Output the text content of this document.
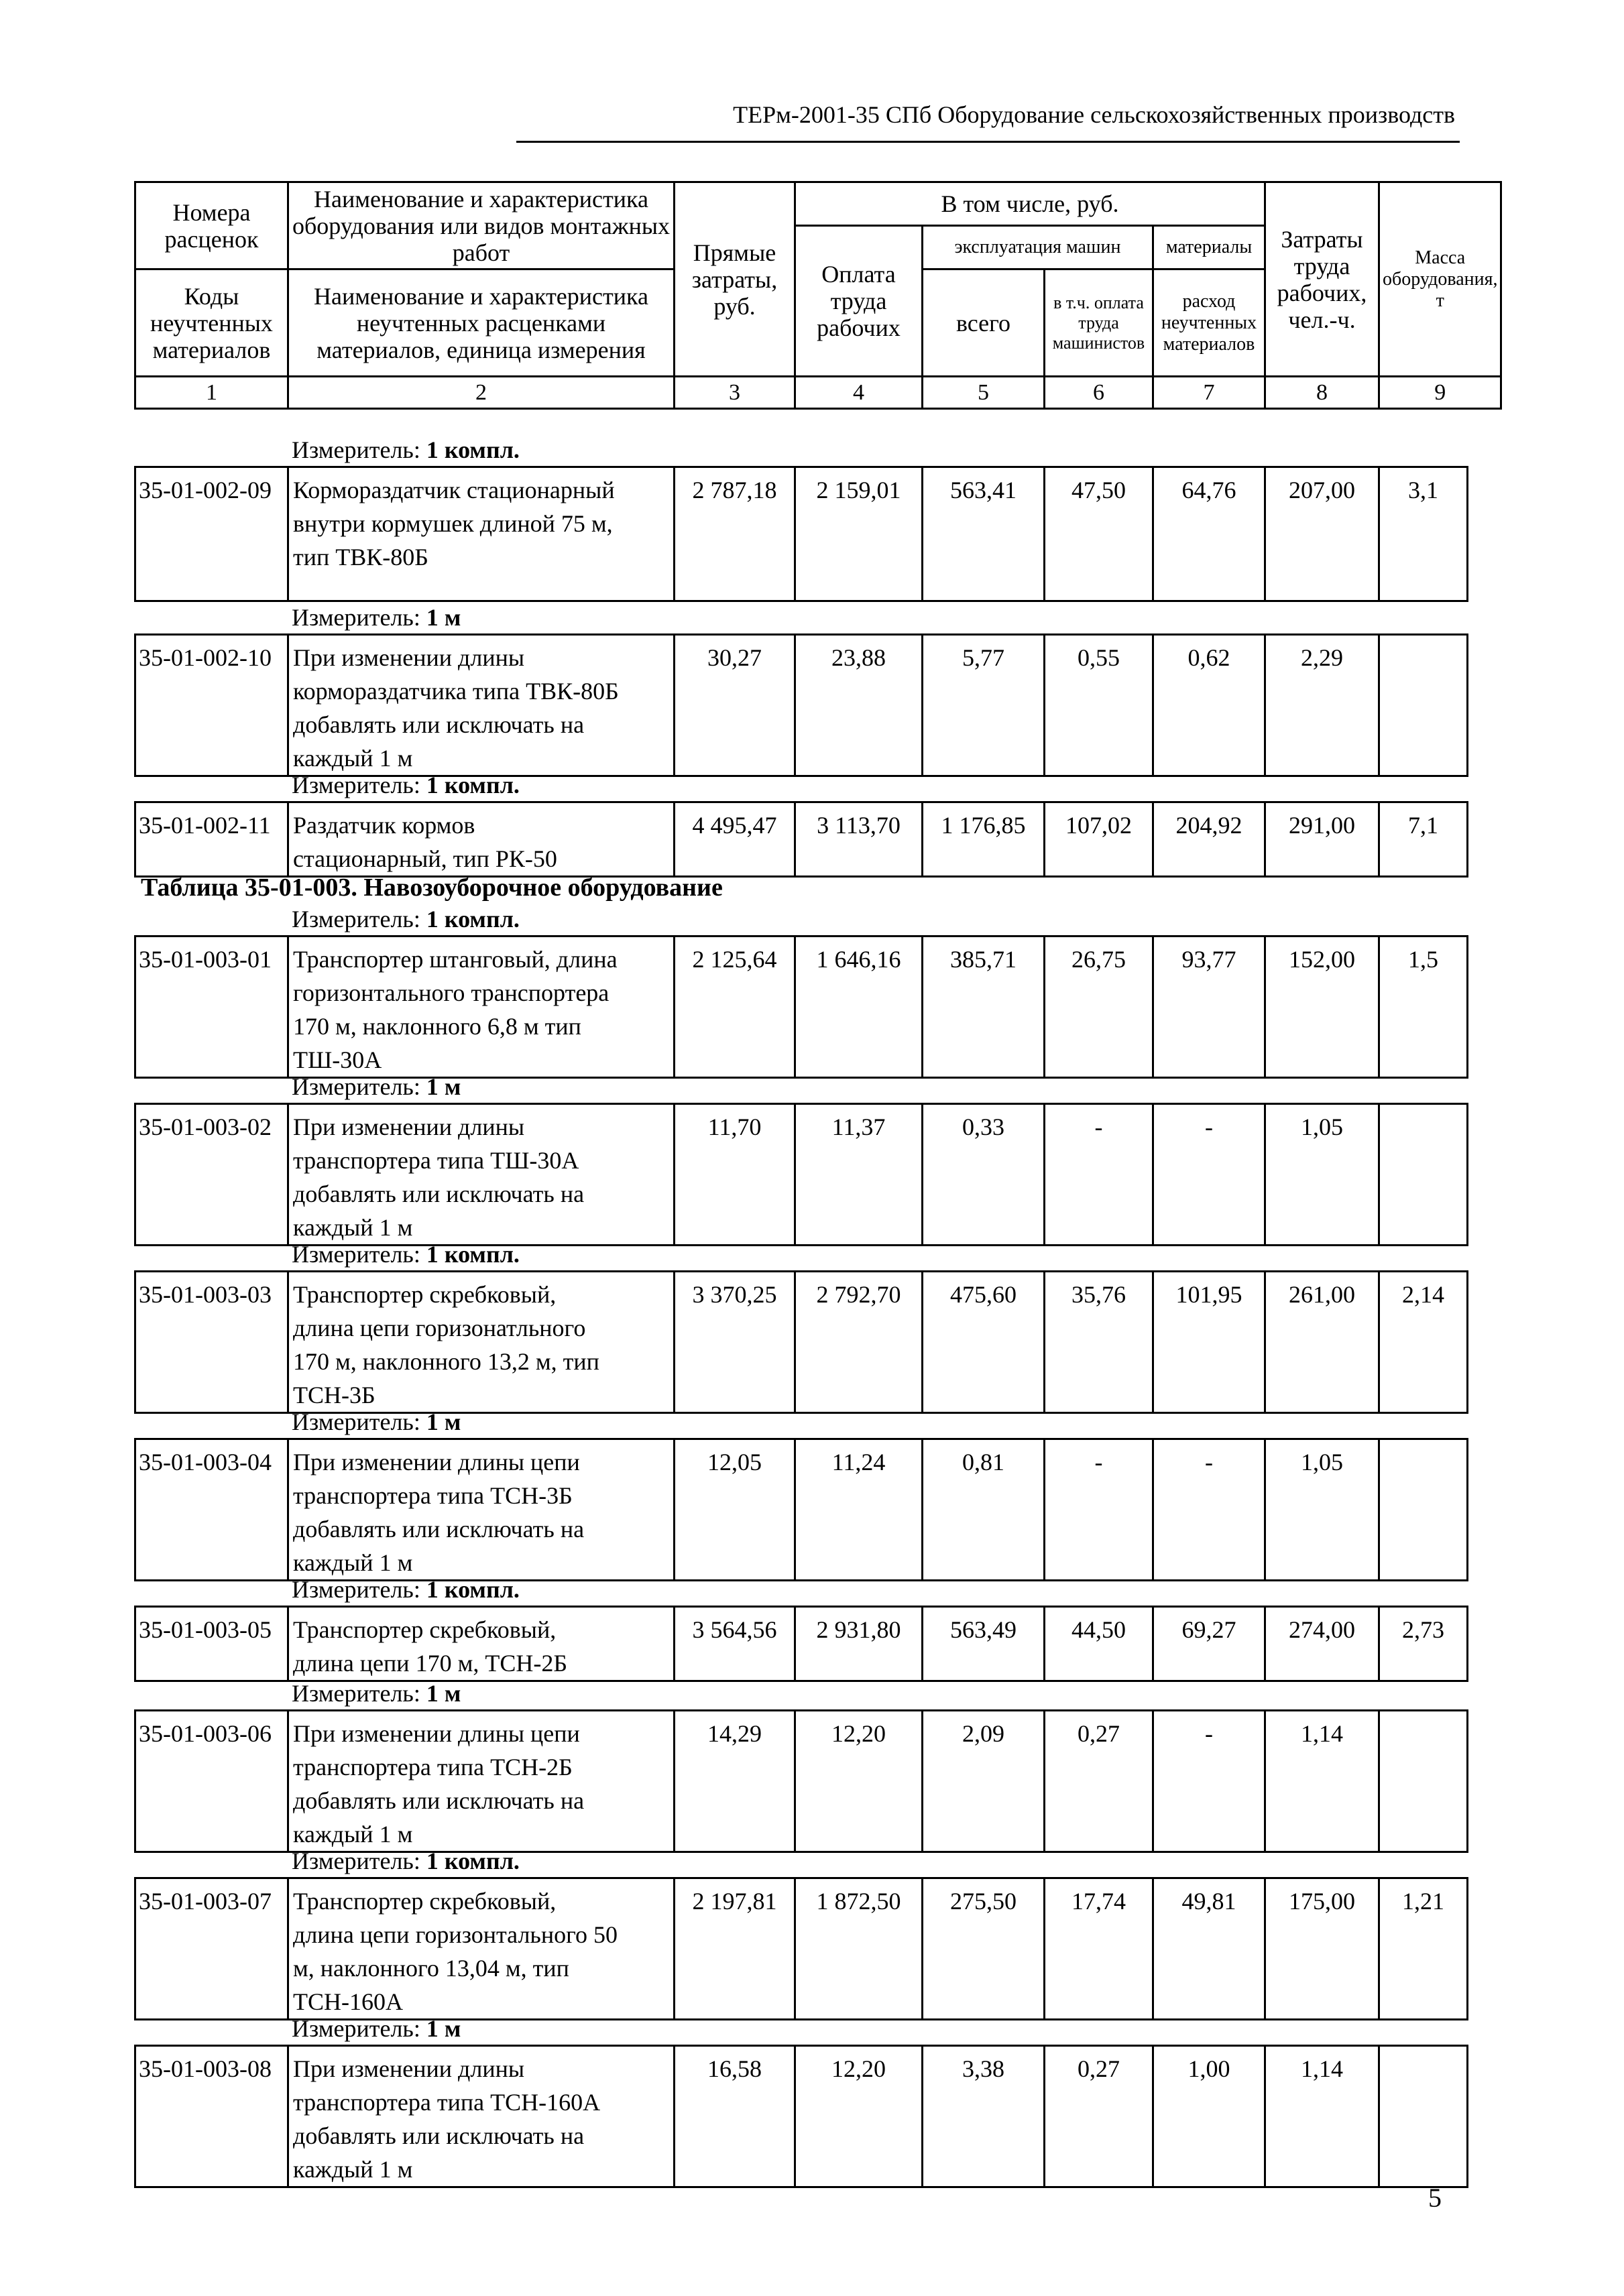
ТЕРм-2001-35 СПб Оборудование сельскохозяйственных производств
Номера расценок	Наименование и характеристика оборудования или видов монтажных работ	Прямые затраты, руб.	В том числе, руб.				Затраты труда рабочих, чел.-ч.	Масса оборудования, т
			Оплата труда рабочих	эксплуатация машин		материалы		
Коды неучтенных материалов	Наименование и характеристика неучтенных расценками материалов, единица измерения			всего	в т.ч. оплата труда машинистов	расход неучтенных материалов		

1	2	3	4	5	6	7	8	9
Измеритель: 1 компл.
35-01-002-09	Кормораздатчик стационарный
внутри кормушек длиной 75 м,
тип ТВК-80Б
	2 787,18	2 159,01	563,41	47,50	64,76	207,00	3,1
Измеритель: 1 м
35-01-002-10	При изменении длины
кормораздатчика типа ТВК-80Б
добавлять или исключать на
каждый 1 м
	30,27	23,88	5,77	0,55	0,62	2,29	
Измеритель: 1 компл.
35-01-002-11	Раздатчик кормов
стационарный, тип РК-50
	4 495,47	3 113,70	1 176,85	107,02	204,92	291,00	7,1
Измеритель: 1 компл.
35-01-003-01	Транспортер штанговый, длина
горизонтального транспортера
170 м, наклонного 6,8 м тип
ТШ-30А
	2 125,64	1 646,16	385,71	26,75	93,77	152,00	1,5
Измеритель: 1 м
35-01-003-02	При изменении длины
транспортера типа ТШ-30А
добавлять или исключать на
каждый 1 м
	11,70	11,37	0,33	-	-	1,05	
Измеритель: 1 компл.
35-01-003-03	Транспортер скребковый,
длина цепи горизонатльного
170 м, наклонного 13,2 м, тип
ТСН-3Б
	3 370,25	2 792,70	475,60	35,76	101,95	261,00	2,14
Измеритель: 1 м
35-01-003-04	При изменении длины цепи
транспортера типа ТСН-3Б
добавлять или исключать на
каждый 1 м
	12,05	11,24	0,81	-	-	1,05	
Измеритель: 1 компл.
35-01-003-05	Транспортер скребковый,
длина цепи 170 м, ТСН-2Б
	3 564,56	2 931,80	563,49	44,50	69,27	274,00	2,73
Измеритель: 1 м
35-01-003-06	При изменении длины цепи
транспортера типа ТСН-2Б
добавлять или исключать на
каждый 1 м
	14,29	12,20	2,09	0,27	-	1,14	
Измеритель: 1 компл.
35-01-003-07	Транспортер скребковый,
длина цепи горизонтального 50
м, наклонного 13,04 м, тип
ТСН-160А
	2 197,81	1 872,50	275,50	17,74	49,81	175,00	1,21
Измеритель: 1 м
35-01-003-08	При изменении длины
транспортера типа ТСН-160А
добавлять или исключать на
каждый 1 м
	16,58	12,20	3,38	0,27	1,00	1,14	
Таблица 35-01-003. Навозоуборочное оборудование
5
